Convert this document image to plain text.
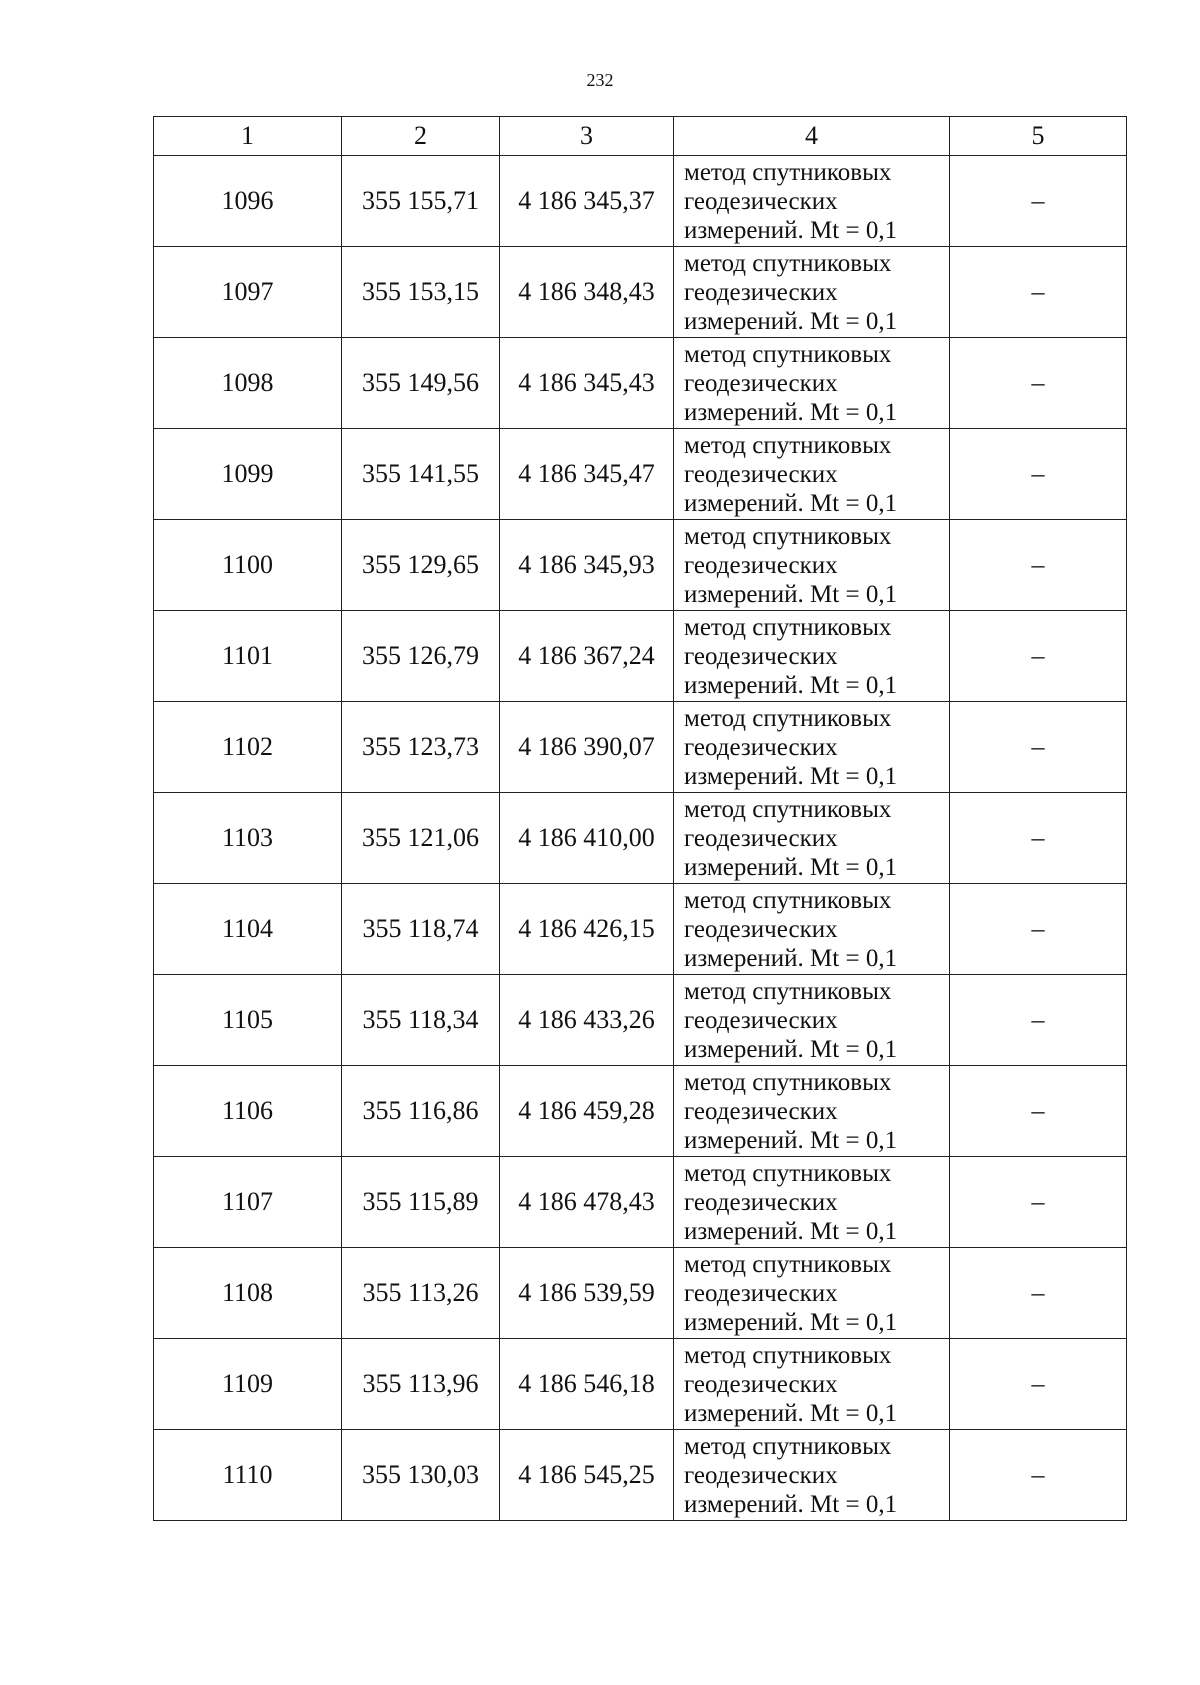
232
1	2	3	4	5
1096	355 155,71	4 186 345,37	метод спутниковых
геодезических
измерений. Mt = 0,1	–
1097	355 153,15	4 186 348,43	метод спутниковых
геодезических
измерений. Mt = 0,1	–
1098	355 149,56	4 186 345,43	метод спутниковых
геодезических
измерений. Mt = 0,1	–
1099	355 141,55	4 186 345,47	метод спутниковых
геодезических
измерений. Mt = 0,1	–
1100	355 129,65	4 186 345,93	метод спутниковых
геодезических
измерений. Mt = 0,1	–
1101	355 126,79	4 186 367,24	метод спутниковых
геодезических
измерений. Mt = 0,1	–
1102	355 123,73	4 186 390,07	метод спутниковых
геодезических
измерений. Mt = 0,1	–
1103	355 121,06	4 186 410,00	метод спутниковых
геодезических
измерений. Mt = 0,1	–
1104	355 118,74	4 186 426,15	метод спутниковых
геодезических
измерений. Mt = 0,1	–
1105	355 118,34	4 186 433,26	метод спутниковых
геодезических
измерений. Mt = 0,1	–
1106	355 116,86	4 186 459,28	метод спутниковых
геодезических
измерений. Mt = 0,1	–
1107	355 115,89	4 186 478,43	метод спутниковых
геодезических
измерений. Mt = 0,1	–
1108	355 113,26	4 186 539,59	метод спутниковых
геодезических
измерений. Mt = 0,1	–
1109	355 113,96	4 186 546,18	метод спутниковых
геодезических
измерений. Mt = 0,1	–
1110	355 130,03	4 186 545,25	метод спутниковых
геодезических
измерений. Mt = 0,1	–
